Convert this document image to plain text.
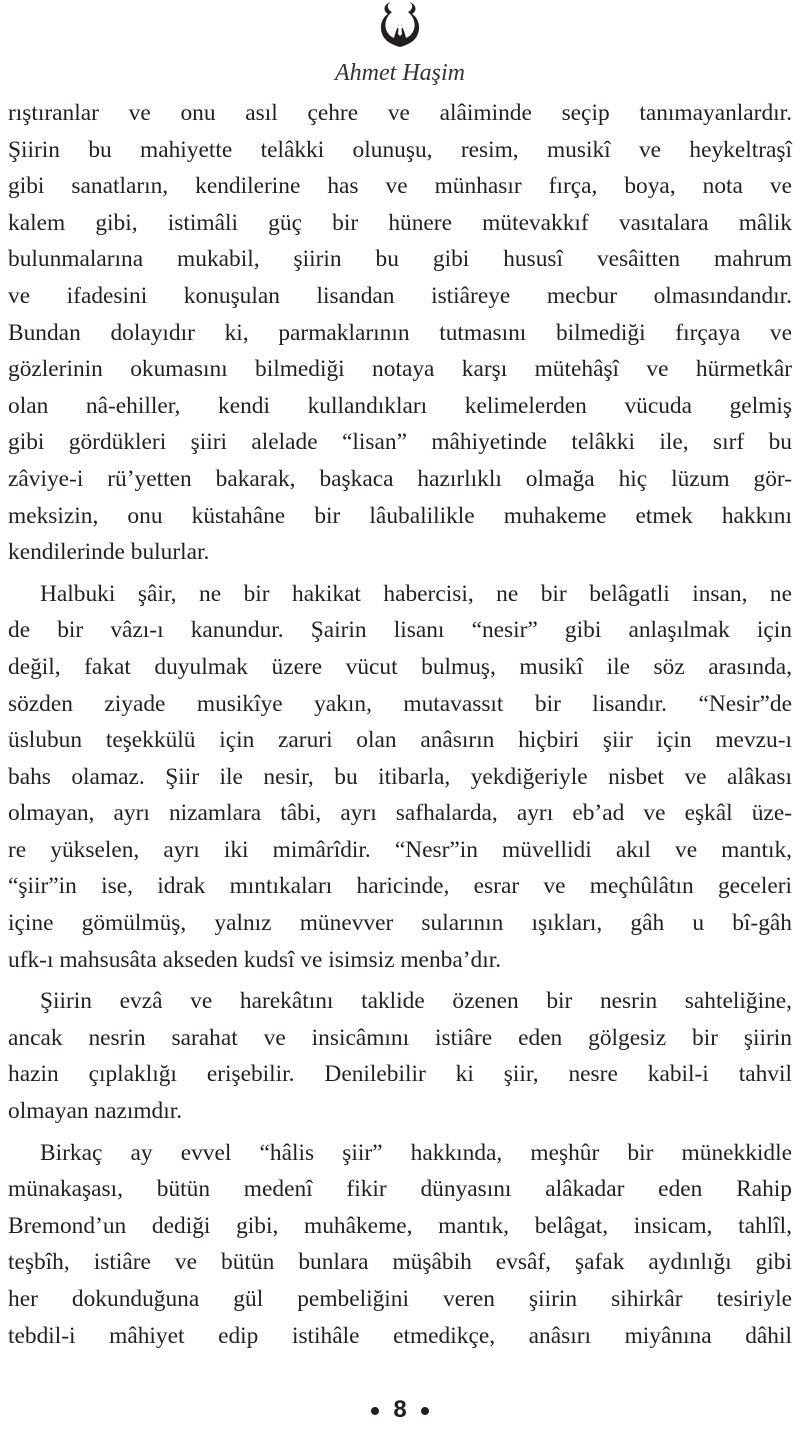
Ahmet Haşim
rıştıranlar ve onu asıl çehre ve alâiminde seçip tanımayanlardır.
Şiirin bu mahiyette telâkki olunuşu, resim, musikî ve heykeltraşî
gibi sanatların, kendilerine has ve münhasır fırça, boya, nota ve
kalem gibi, istimâli güç bir hünere mütevakkıf vasıtalara mâlik
bulunmalarına mukabil, şiirin bu gibi hususî vesâitten mahrum
ve ifadesini konuşulan lisandan istiâreye mecbur olmasındandır.
Bundan dolayıdır ki, parmaklarının tutmasını bilmediği fırçaya ve
gözlerinin okumasını bilmediği notaya karşı mütehâşî ve hürmetkâr
olan nâ-ehiller, kendi kullandıkları kelimelerden vücuda gelmiş
gibi gördükleri şiiri alelade “lisan” mâhiyetinde telâkki ile, sırf bu
zâviye-i rü’yetten bakarak, başkaca hazırlıklı olmağa hiç lüzum gör-
meksizin, onu küstahâne bir lâubalilikle muhakeme etmek hakkını
kendilerinde bulurlar.
Halbuki şâir, ne bir hakikat habercisi, ne bir belâgatli insan, ne
de bir vâzı-ı kanundur. Şairin lisanı “nesir” gibi anlaşılmak için
değil, fakat duyulmak üzere vücut bulmuş, musikî ile söz arasında,
sözden ziyade musikîye yakın, mutavassıt bir lisandır. “Nesir”de
üslubun teşekkülü için zaruri olan anâsırın hiçbiri şiir için mevzu-ı
bahs olamaz. Şiir ile nesir, bu itibarla, yekdiğeriyle nisbet ve alâkası
olmayan, ayrı nizamlara tâbi, ayrı safhalarda, ayrı eb’ad ve eşkâl üze-
re yükselen, ayrı iki mimârîdir. “Nesr”in müvellidi akıl ve mantık,
“şiir”in ise, idrak mıntıkaları haricinde, esrar ve meçhûlâtın geceleri
içine gömülmüş, yalnız münevver sularının ışıkları, gâh u bî-gâh
ufk-ı mahsusâta akseden kudsî ve isimsiz menba’dır.
Şiirin evzâ ve harekâtını taklide özenen bir nesrin sahteliğine,
ancak nesrin sarahat ve insicâmını istiâre eden gölgesiz bir şiirin
hazin çıplaklığı erişebilir. Denilebilir ki şiir, nesre kabil-i tahvil
olmayan nazımdır.
Birkaç ay evvel “hâlis şiir” hakkında, meşhûr bir münekkidle
münakaşası, bütün medenî fikir dünyasını alâkadar eden Rahip
Bremond’un dediği gibi, muhâkeme, mantık, belâgat, insicam, tahlîl,
teşbîh, istiâre ve bütün bunlara müşâbih evsâf, şafak aydınlığı gibi
her dokunduğuna gül pembeliğini veren şiirin sihirkâr tesiriyle
tebdil-i mâhiyet edip istihâle etmedikçe, anâsırı miyânına dâhil
8
